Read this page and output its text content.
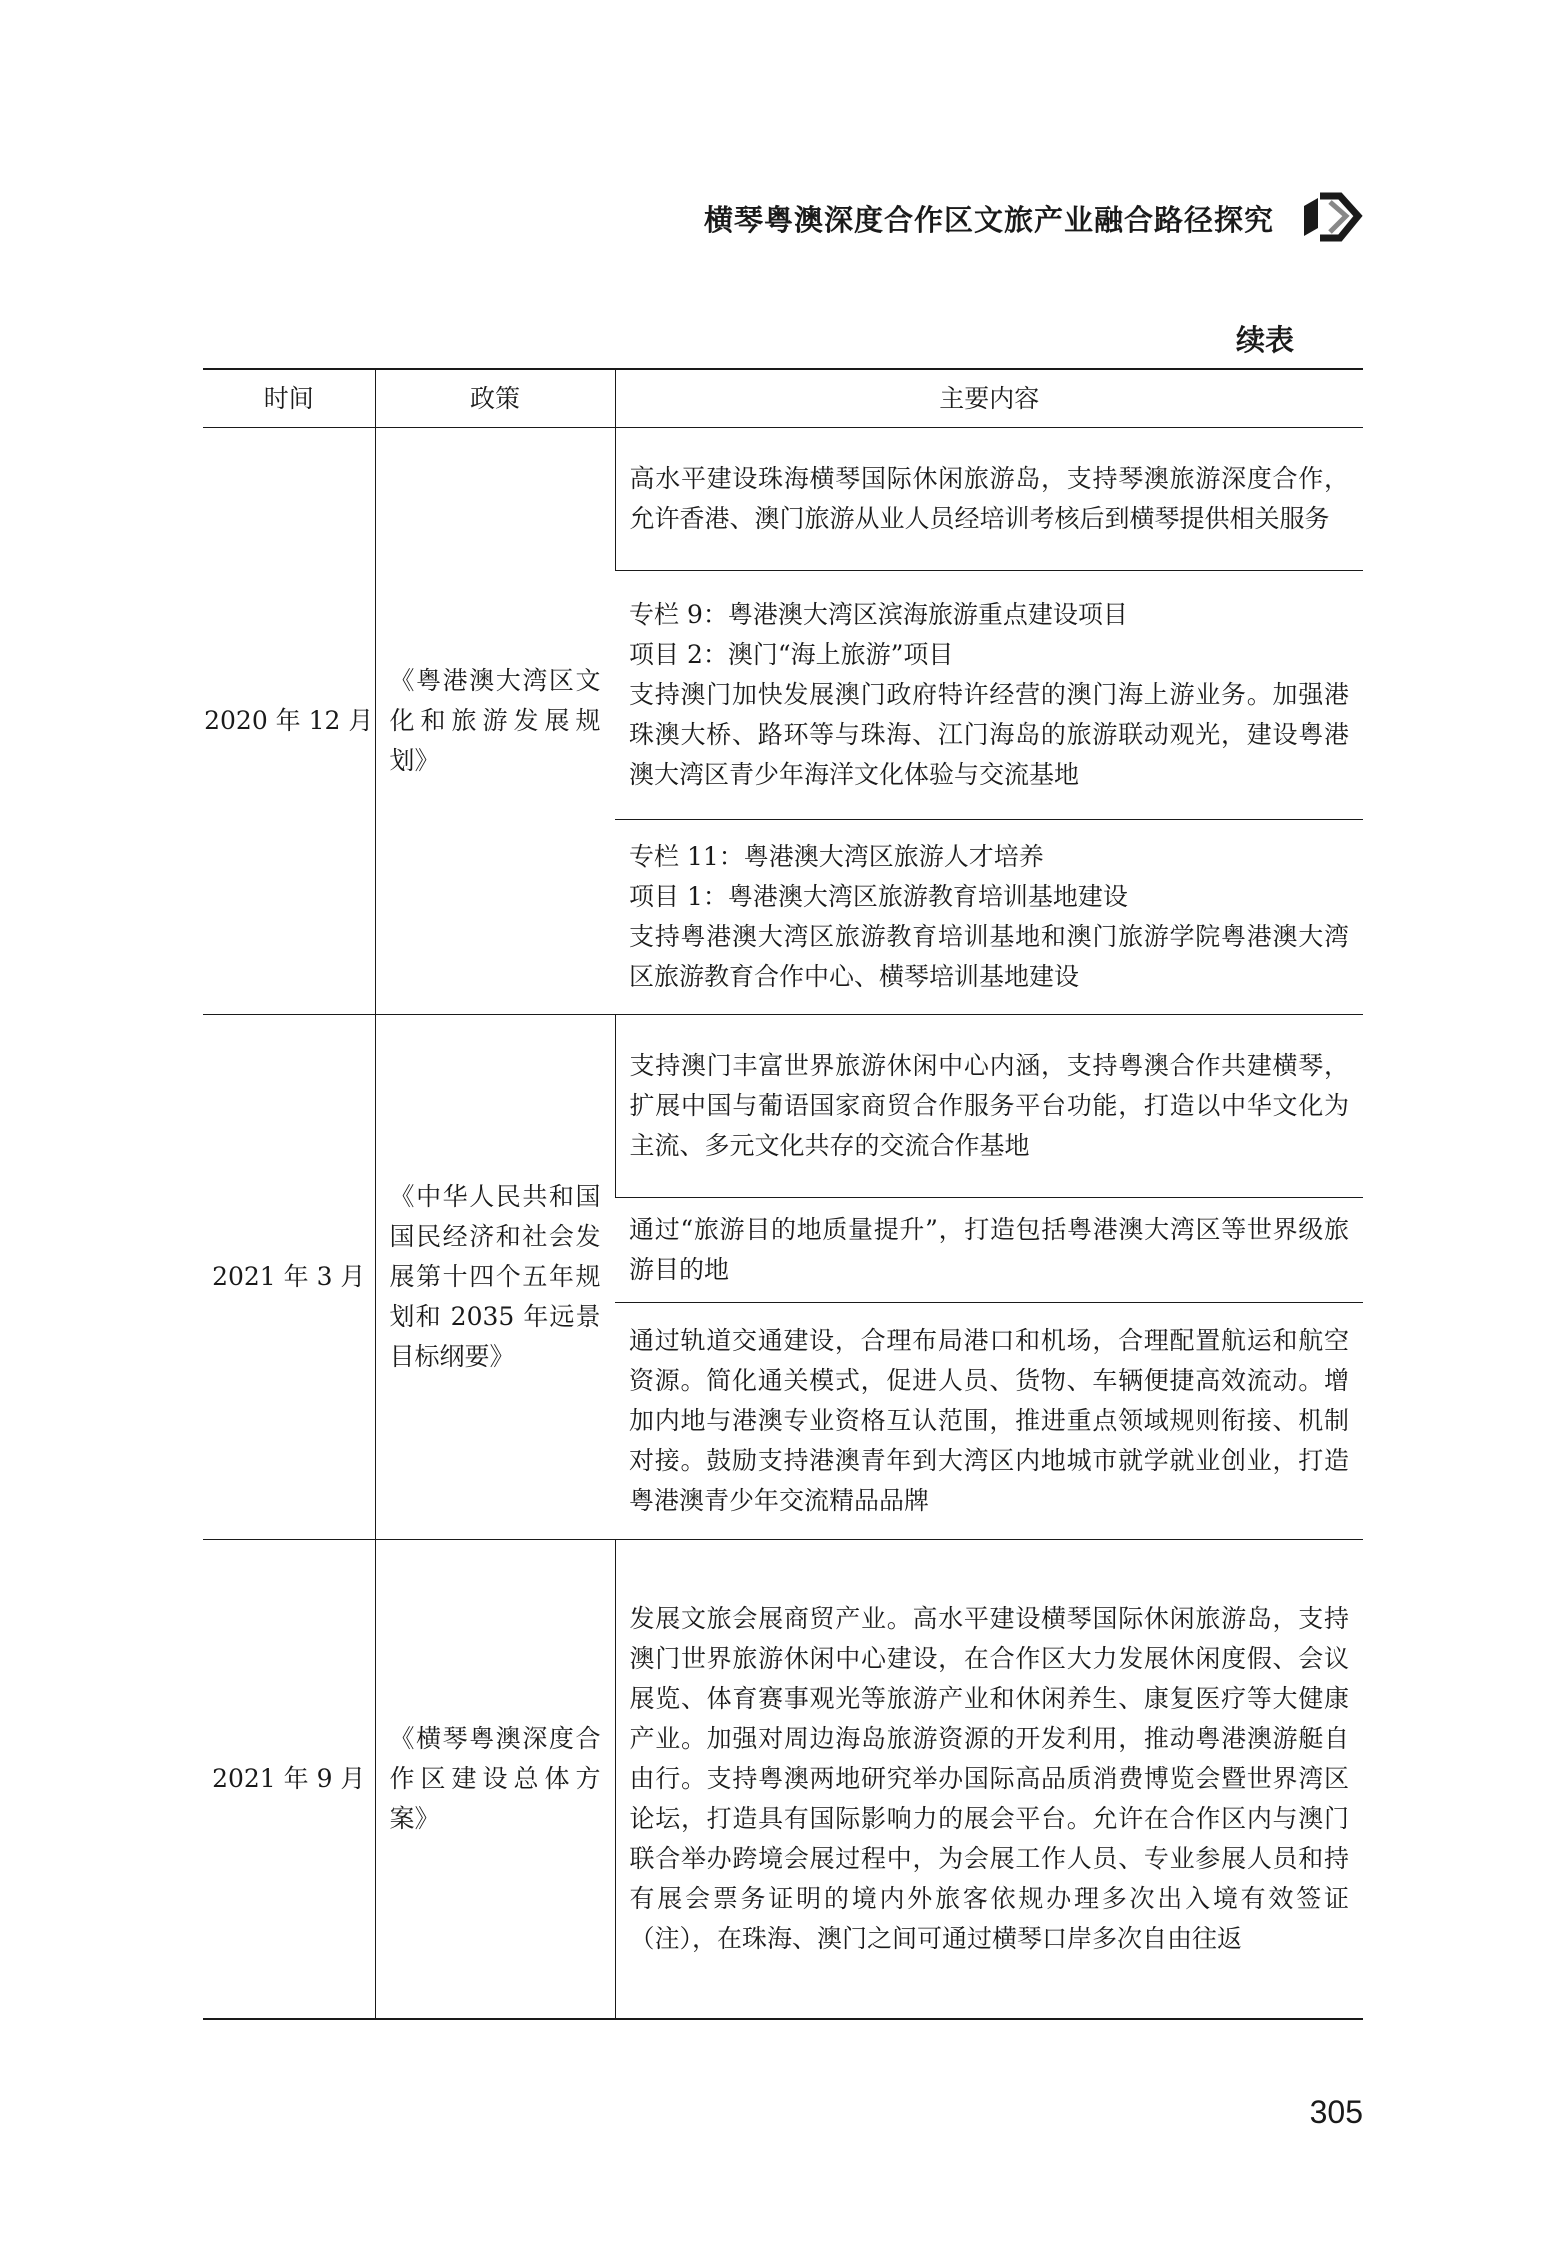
横琴粤澳深度合作区文旅产业融合路径探究
续表
时间	政策	主要内容
2020 年 12 月	《粤港澳大湾区文化和旅游发展规划》	高水平建设珠海横琴国际休闲旅游岛，支持琴澳旅游深度合作，允许香港、澳门旅游从业人员经培训考核后到横琴提供相关服务

		专栏 9：粤港澳大湾区滨海旅游重点建设项目
项目 2：澳门“海上旅游”项目
支持澳门加快发展澳门政府特许经营的澳门海上游业务。加强港珠澳大桥、路环等与珠海、江门海岛的旅游联动观光，建设粤港澳大湾区青少年海洋文化体验与交流基地

		专栏 11：粤港澳大湾区旅游人才培养
项目 1：粤港澳大湾区旅游教育培训基地建设
支持粤港澳大湾区旅游教育培训基地和澳门旅游学院粤港澳大湾区旅游教育合作中心、横琴培训基地建设

2021 年 3 月	《中华人民共和国国民经济和社会发展第十四个五年规划和 2035 年远景目标纲要》	支持澳门丰富世界旅游休闲中心内涵，支持粤澳合作共建横琴，扩展中国与葡语国家商贸合作服务平台功能，打造以中华文化为主流、多元文化共存的交流合作基地

		通过“旅游目的地质量提升”，打造包括粤港澳大湾区等世界级旅游目的地

		通过轨道交通建设，合理布局港口和机场，合理配置航运和航空资源。简化通关模式，促进人员、货物、车辆便捷高效流动。增加内地与港澳专业资格互认范围，推进重点领域规则衔接、机制对接。鼓励支持港澳青年到大湾区内地城市就学就业创业，打造粤港澳青少年交流精品品牌

2021 年 9 月	《横琴粤澳深度合作区建设总体方案》	发展文旅会展商贸产业。高水平建设横琴国际休闲旅游岛，支持澳门世界旅游休闲中心建设，在合作区大力发展休闲度假、会议展览、体育赛事观光等旅游产业和休闲养生、康复医疗等大健康产业。加强对周边海岛旅游资源的开发利用，推动粤港澳游艇自由行。支持粤澳两地研究举办国际高品质消费博览会暨世界湾区论坛，打造具有国际影响力的展会平台。允许在合作区内与澳门联合举办跨境会展过程中，为会展工作人员、专业参展人员和持有展会票务证明的境内外旅客依规办理多次出入境有效签证（注），在珠海、澳门之间可通过横琴口岸多次自由往返
305
